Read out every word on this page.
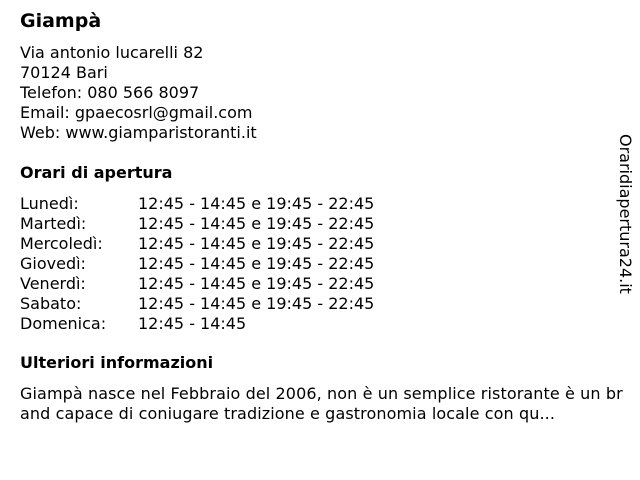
Giampà
Via antonio lucarelli 82
70124 Bari
Telefon: 080 566 8097
Email: gpaecosrl@gmail.com
Web: www.giamparistoranti.it
Orari di apertura
Lunedì:	12:45 - 14:45 e 19:45 - 22:45
Martedì:	12:45 - 14:45 e 19:45 - 22:45
Mercoledì:	12:45 - 14:45 e 19:45 - 22:45
Giovedì:	12:45 - 14:45 e 19:45 - 22:45
Venerdì:	12:45 - 14:45 e 19:45 - 22:45
Sabato:	12:45 - 14:45 e 19:45 - 22:45
Domenica:	12:45 - 14:45
Ulteriori informazioni
Giampà nasce nel Febbraio del 2006, non è un semplice ristorante è un brand capace di coniugare tradizione e gastronomia locale con qu...
Oraridiapertura24.it
